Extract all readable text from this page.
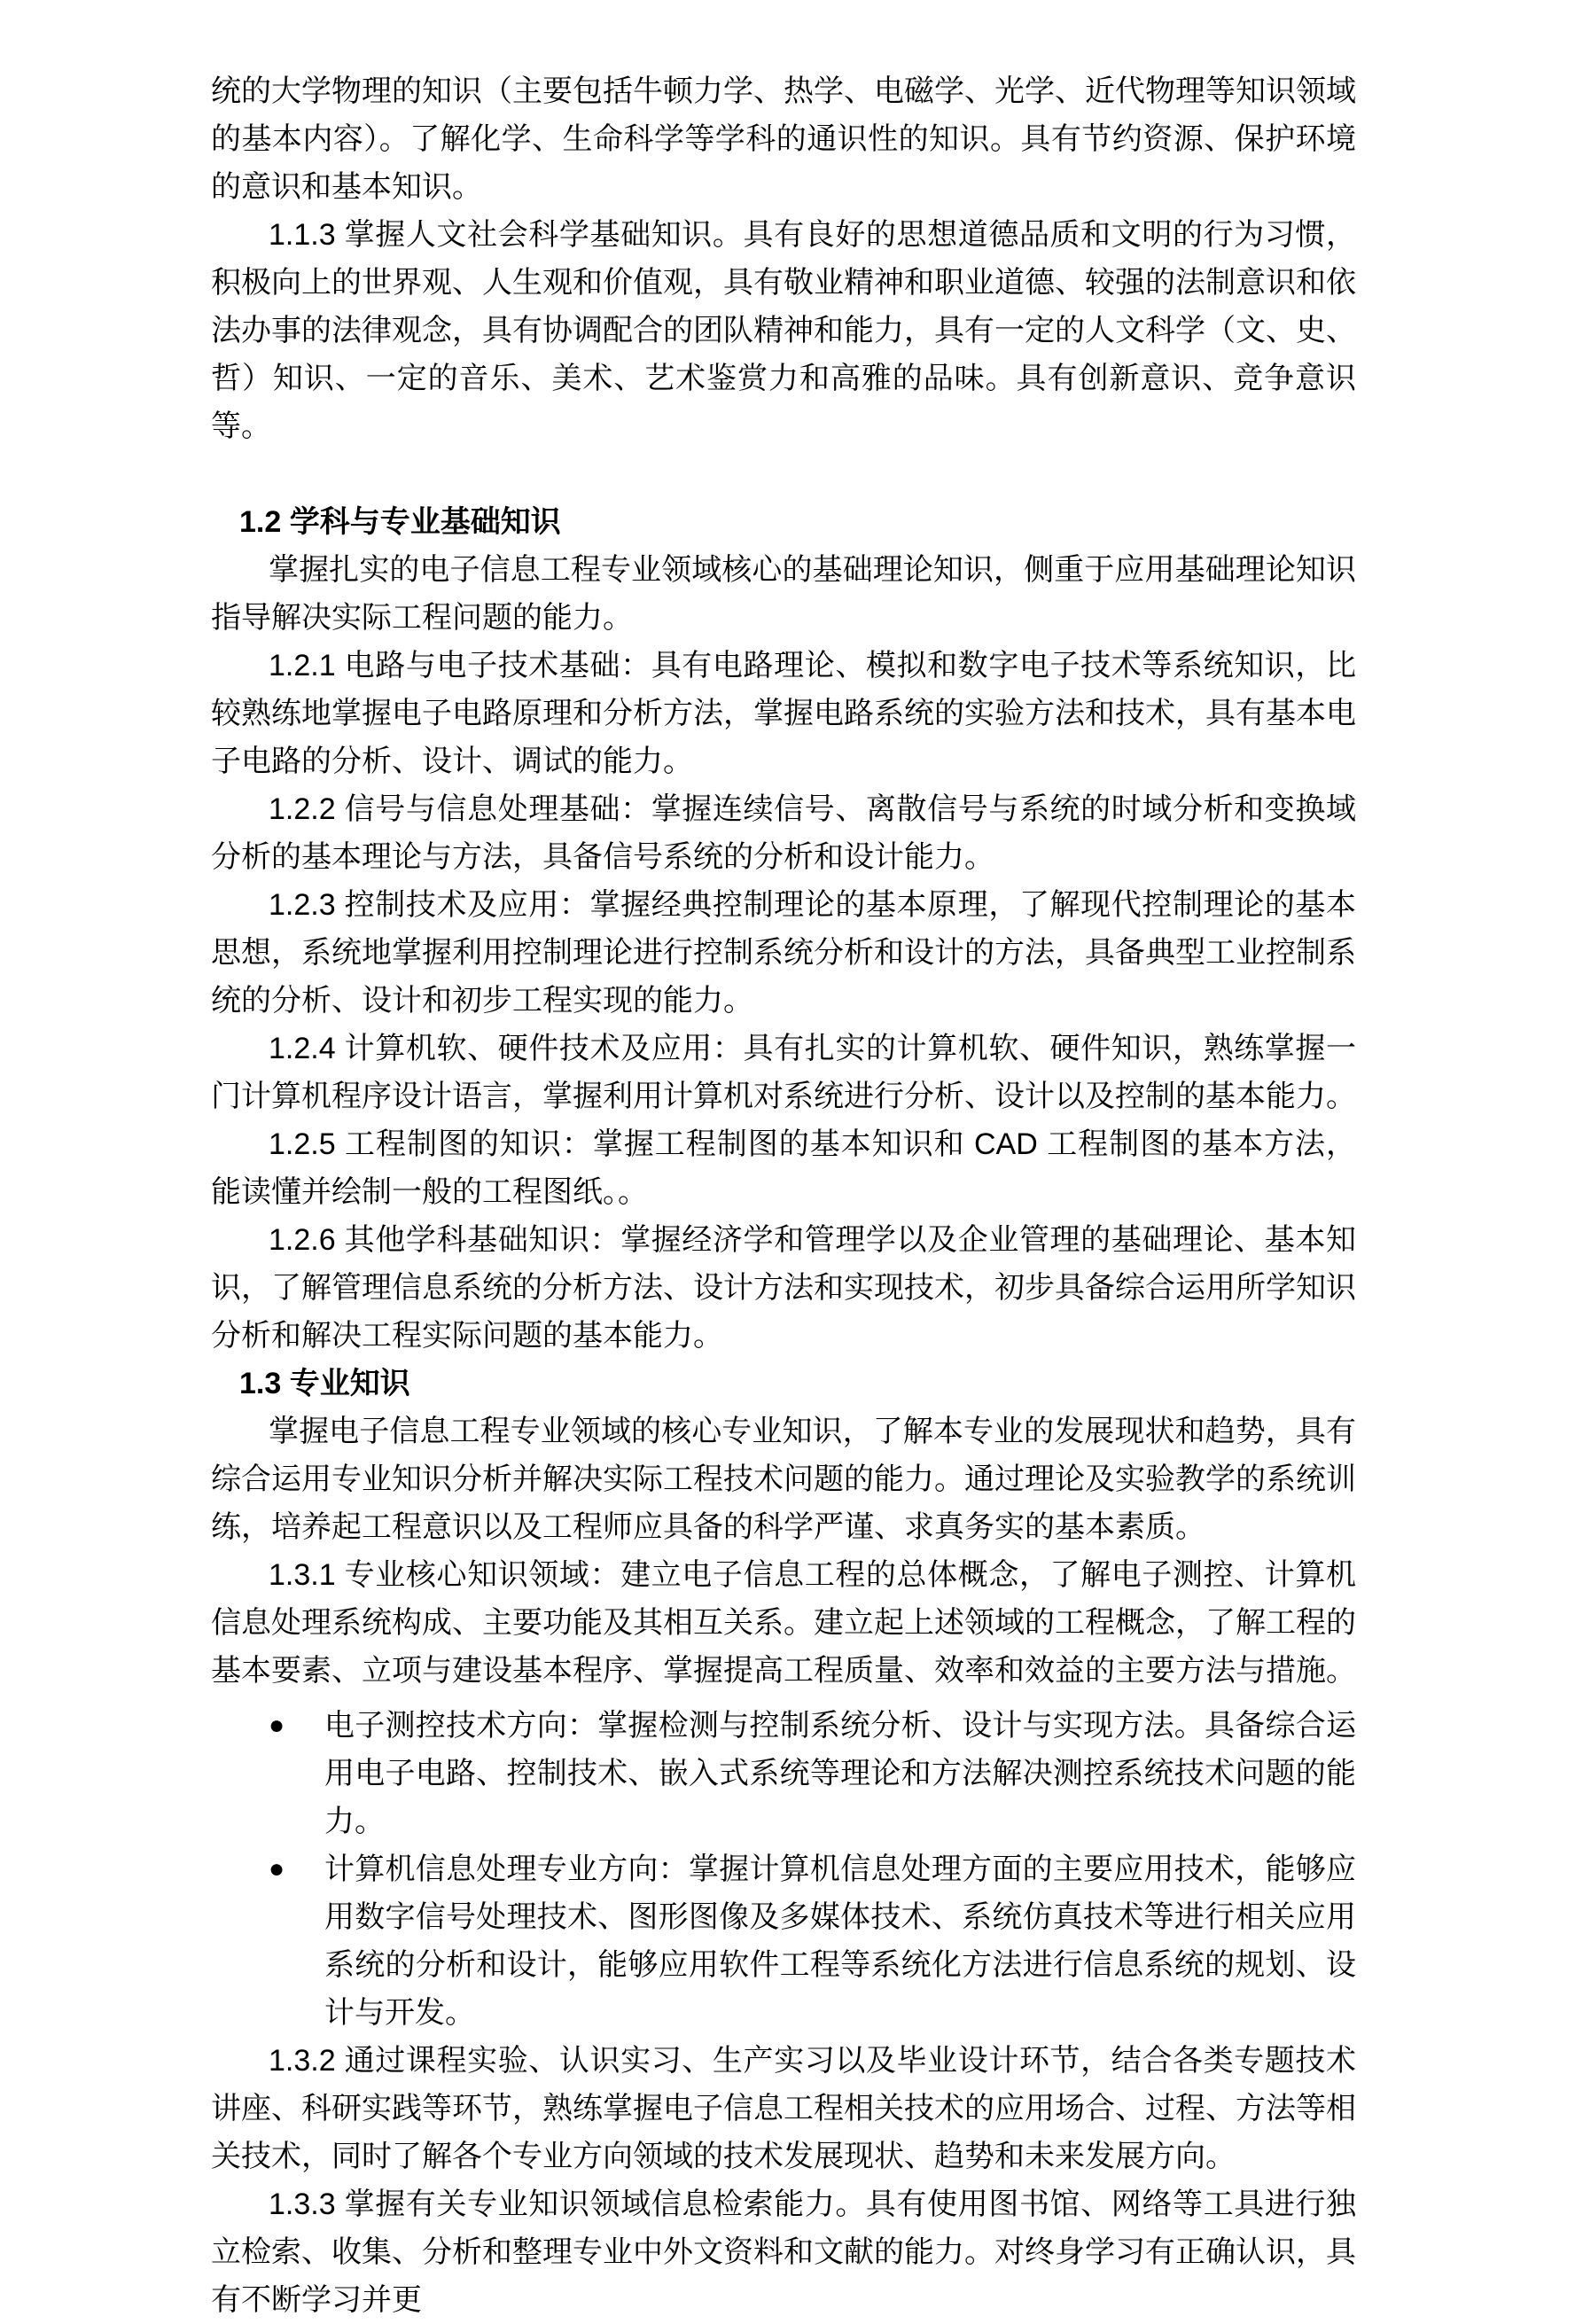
统的大学物理的知识（主要包括牛顿力学、热学、电磁学、光学、近代物理等知识领域的基本内容）。了解化学、生命科学等学科的通识性的知识。具有节约资源、保护环境的意识和基本知识。

1.1.3 掌握人文社会科学基础知识。具有良好的思想道德品质和文明的行为习惯，积极向上的世界观、人生观和价值观，具有敬业精神和职业道德、较强的法制意识和依法办事的法律观念，具有协调配合的团队精神和能力，具有一定的人文科学（文、史、哲）知识、一定的音乐、美术、艺术鉴赏力和高雅的品味。具有创新意识、竞争意识等。

1.2 学科与专业基础知识

掌握扎实的电子信息工程专业领域核心的基础理论知识，侧重于应用基础理论知识指导解决实际工程问题的能力。

1.2.1 电路与电子技术基础：具有电路理论、模拟和数字电子技术等系统知识，比较熟练地掌握电子电路原理和分析方法，掌握电路系统的实验方法和技术，具有基本电子电路的分析、设计、调试的能力。

1.2.2 信号与信息处理基础：掌握连续信号、离散信号与系统的时域分析和变换域分析的基本理论与方法，具备信号系统的分析和设计能力。

1.2.3 控制技术及应用：掌握经典控制理论的基本原理，了解现代控制理论的基本思想，系统地掌握利用控制理论进行控制系统分析和设计的方法，具备典型工业控制系统的分析、设计和初步工程实现的能力。

1.2.4 计算机软、硬件技术及应用：具有扎实的计算机软、硬件知识，熟练掌握一门计算机程序设计语言，掌握利用计算机对系统进行分析、设计以及控制的基本能力。

1.2.5 工程制图的知识：掌握工程制图的基本知识和 CAD 工程制图的基本方法，能读懂并绘制一般的工程图纸。。

1.2.6 其他学科基础知识：掌握经济学和管理学以及企业管理的基础理论、基本知识，了解管理信息系统的分析方法、设计方法和实现技术，初步具备综合运用所学知识分析和解决工程实际问题的基本能力。

1.3 专业知识

掌握电子信息工程专业领域的核心专业知识，了解本专业的发展现状和趋势，具有综合运用专业知识分析并解决实际工程技术问题的能力。通过理论及实验教学的系统训练，培养起工程意识以及工程师应具备的科学严谨、求真务实的基本素质。

1.3.1 专业核心知识领域：建立电子信息工程的总体概念，了解电子测控、计算机信息处理系统构成、主要功能及其相互关系。建立起上述领域的工程概念，了解工程的基本要素、立项与建设基本程序、掌握提高工程质量、效率和效益的主要方法与措施。

● 电子测控技术方向：掌握检测与控制系统分析、设计与实现方法。具备综合运用电子电路、控制技术、嵌入式系统等理论和方法解决测控系统技术问题的能力。
● 计算机信息处理专业方向：掌握计算机信息处理方面的主要应用技术，能够应用数字信号处理技术、图形图像及多媒体技术、系统仿真技术等进行相关应用系统的分析和设计，能够应用软件工程等系统化方法进行信息系统的规划、设计与开发。

1.3.2 通过课程实验、认识实习、生产实习以及毕业设计环节，结合各类专题技术讲座、科研实践等环节，熟练掌握电子信息工程相关技术的应用场合、过程、方法等相关技术，同时了解各个专业方向领域的技术发展现状、趋势和未来发展方向。

1.3.3 掌握有关专业知识领域信息检索能力。具有使用图书馆、网络等工具进行独立检索、收集、分析和整理专业中外文资料和文献的能力。对终身学习有正确认识，具有不断学习并更
